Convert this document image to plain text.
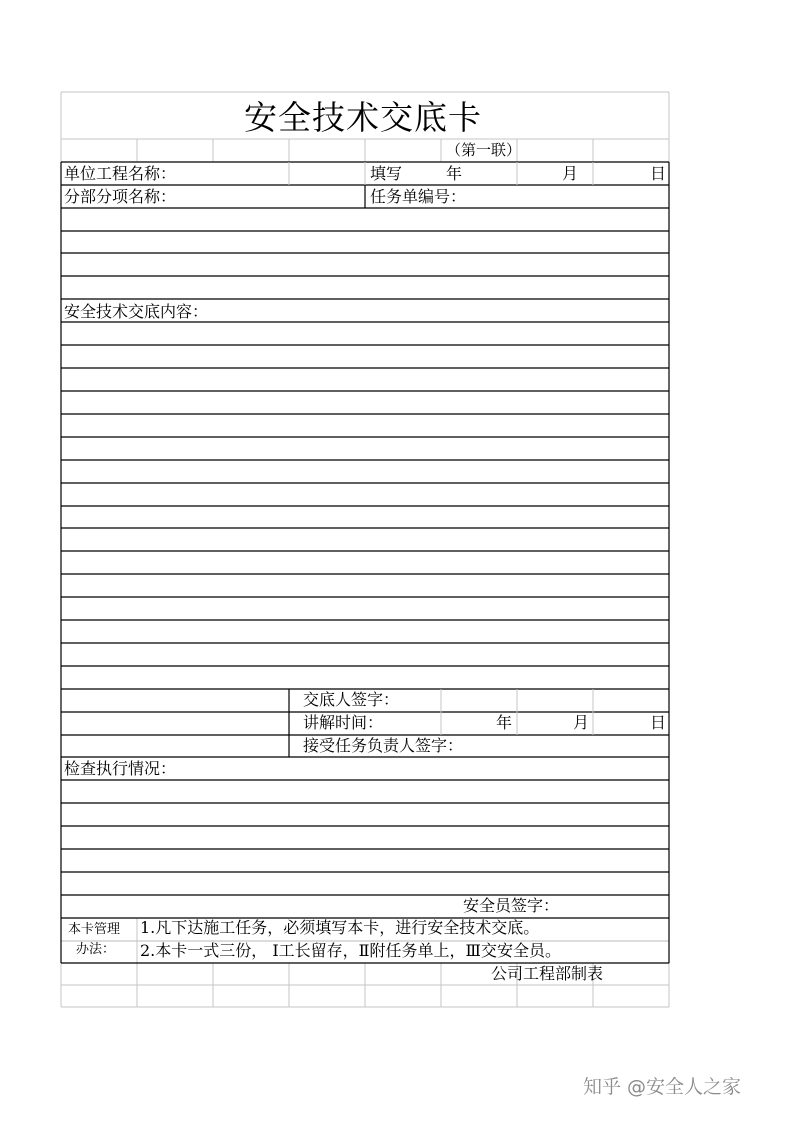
安全技术交底卡
（第一联）
单位工程名称：	填写	年	月	日
分部分项名称：	任务单编号：
安全技术交底内容：
交底人签字：
讲解时间：	年	月	日
接受任务负责人签字：
检查执行情况：
安全员签字：
本卡管理
办法：
1.凡下达施工任务，必须填写本卡，进行安全技术交底。
2.本卡一式三份， Ⅰ工长留存，Ⅱ附任务单上，Ⅲ交安全员。
公司工程部制表
知乎 @安全人之家
